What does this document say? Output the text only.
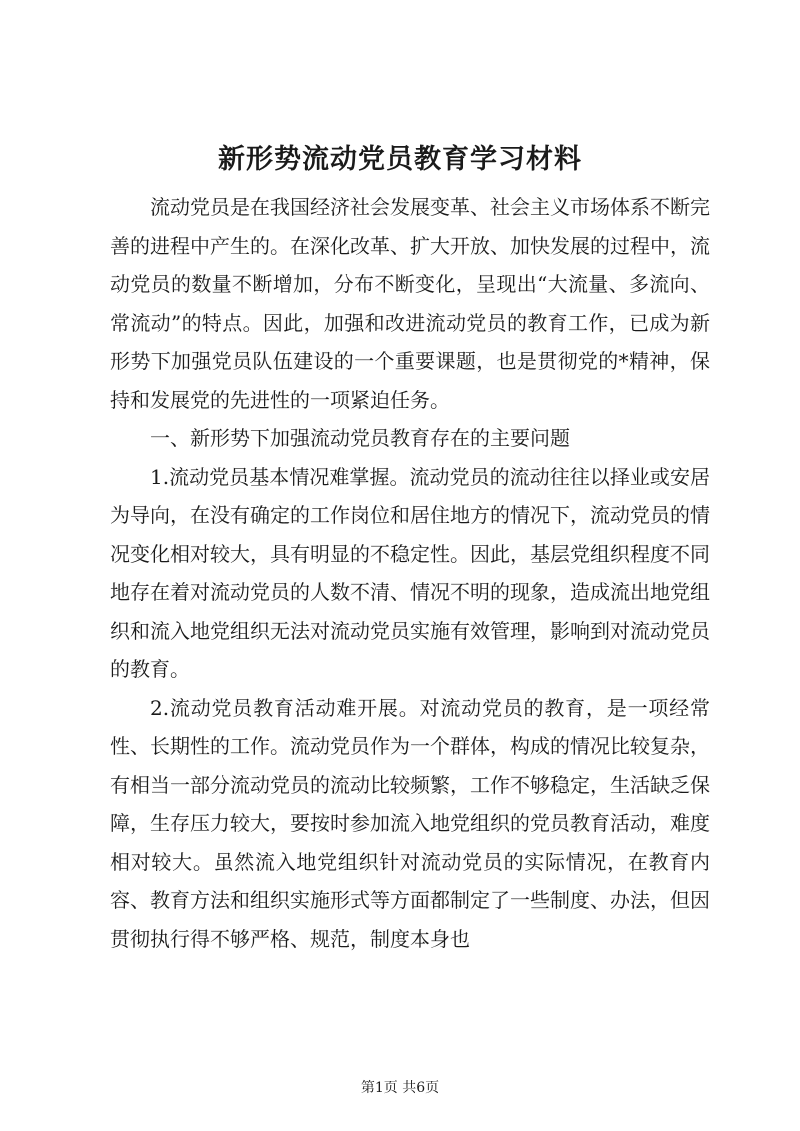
新形势流动党员教育学习材料

流动党员是在我国经济社会发展变革、社会主义市场体系不断完善的进程中产生的。在深化改革、扩大开放、加快发展的过程中，流动党员的数量不断增加，分布不断变化，呈现出“大流量、多流向、常流动”的特点。因此，加强和改进流动党员的教育工作，已成为新形势下加强党员队伍建设的一个重要课题，也是贯彻党的*精神，保持和发展党的先进性的一项紧迫任务。

一、新形势下加强流动党员教育存在的主要问题

1.流动党员基本情况难掌握。流动党员的流动往往以择业或安居为导向，在没有确定的工作岗位和居住地方的情况下，流动党员的情况变化相对较大，具有明显的不稳定性。因此，基层党组织程度不同地存在着对流动党员的人数不清、情况不明的现象，造成流出地党组织和流入地党组织无法对流动党员实施有效管理，影响到对流动党员的教育。

2.流动党员教育活动难开展。对流动党员的教育，是一项经常性、长期性的工作。流动党员作为一个群体，构成的情况比较复杂，有相当一部分流动党员的流动比较频繁，工作不够稳定，生活缺乏保障，生存压力较大，要按时参加流入地党组织的党员教育活动，难度相对较大。虽然流入地党组织针对流动党员的实际情况，在教育内容、教育方法和组织实施形式等方面都制定了一些制度、办法，但因贯彻执行得不够严格、规范，制度本身也

第1页 共6页
